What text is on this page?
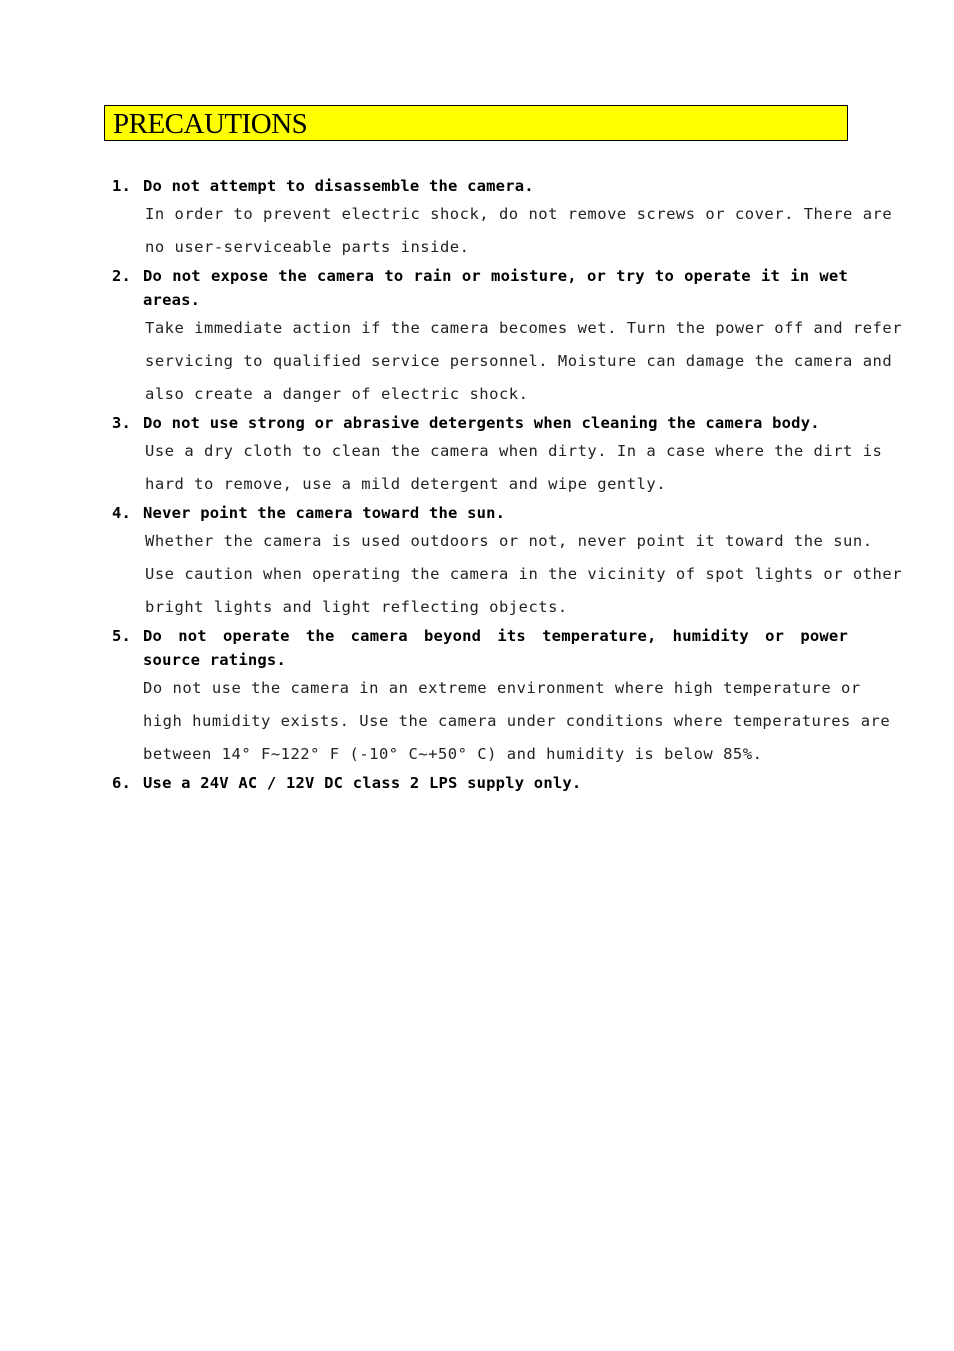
PRECAUTIONS
1. Do not attempt to disassemble the camera.
In order to prevent electric shock, do not remove screws or cover. There are
no user-serviceable parts inside.
2. Do not expose the camera to rain or moisture, or try to operate it in wet areas.
Take immediate action if the camera becomes wet. Turn the power off and refer
servicing to qualified service personnel. Moisture can damage the camera and
also create a danger of electric shock.
3. Do not use strong or abrasive detergents when cleaning the camera body.
Use a dry cloth to clean the camera when dirty. In a case where the dirt is
hard to remove, use a mild detergent and wipe gently.
4. Never point the camera toward the sun.
Whether the camera is used outdoors or not, never point it toward the sun.
Use caution when operating the camera in the vicinity of spot lights or other
bright lights and light reflecting objects.
5. Do not operate the camera beyond its temperature, humidity or power source ratings.
Do not use the camera in an extreme environment where high temperature or
high humidity exists. Use the camera under conditions where temperatures are
between 14° F~122° F (-10° C~+50° C) and humidity is below 85%.
6. Use a 24V AC / 12V DC class 2 LPS supply only.
